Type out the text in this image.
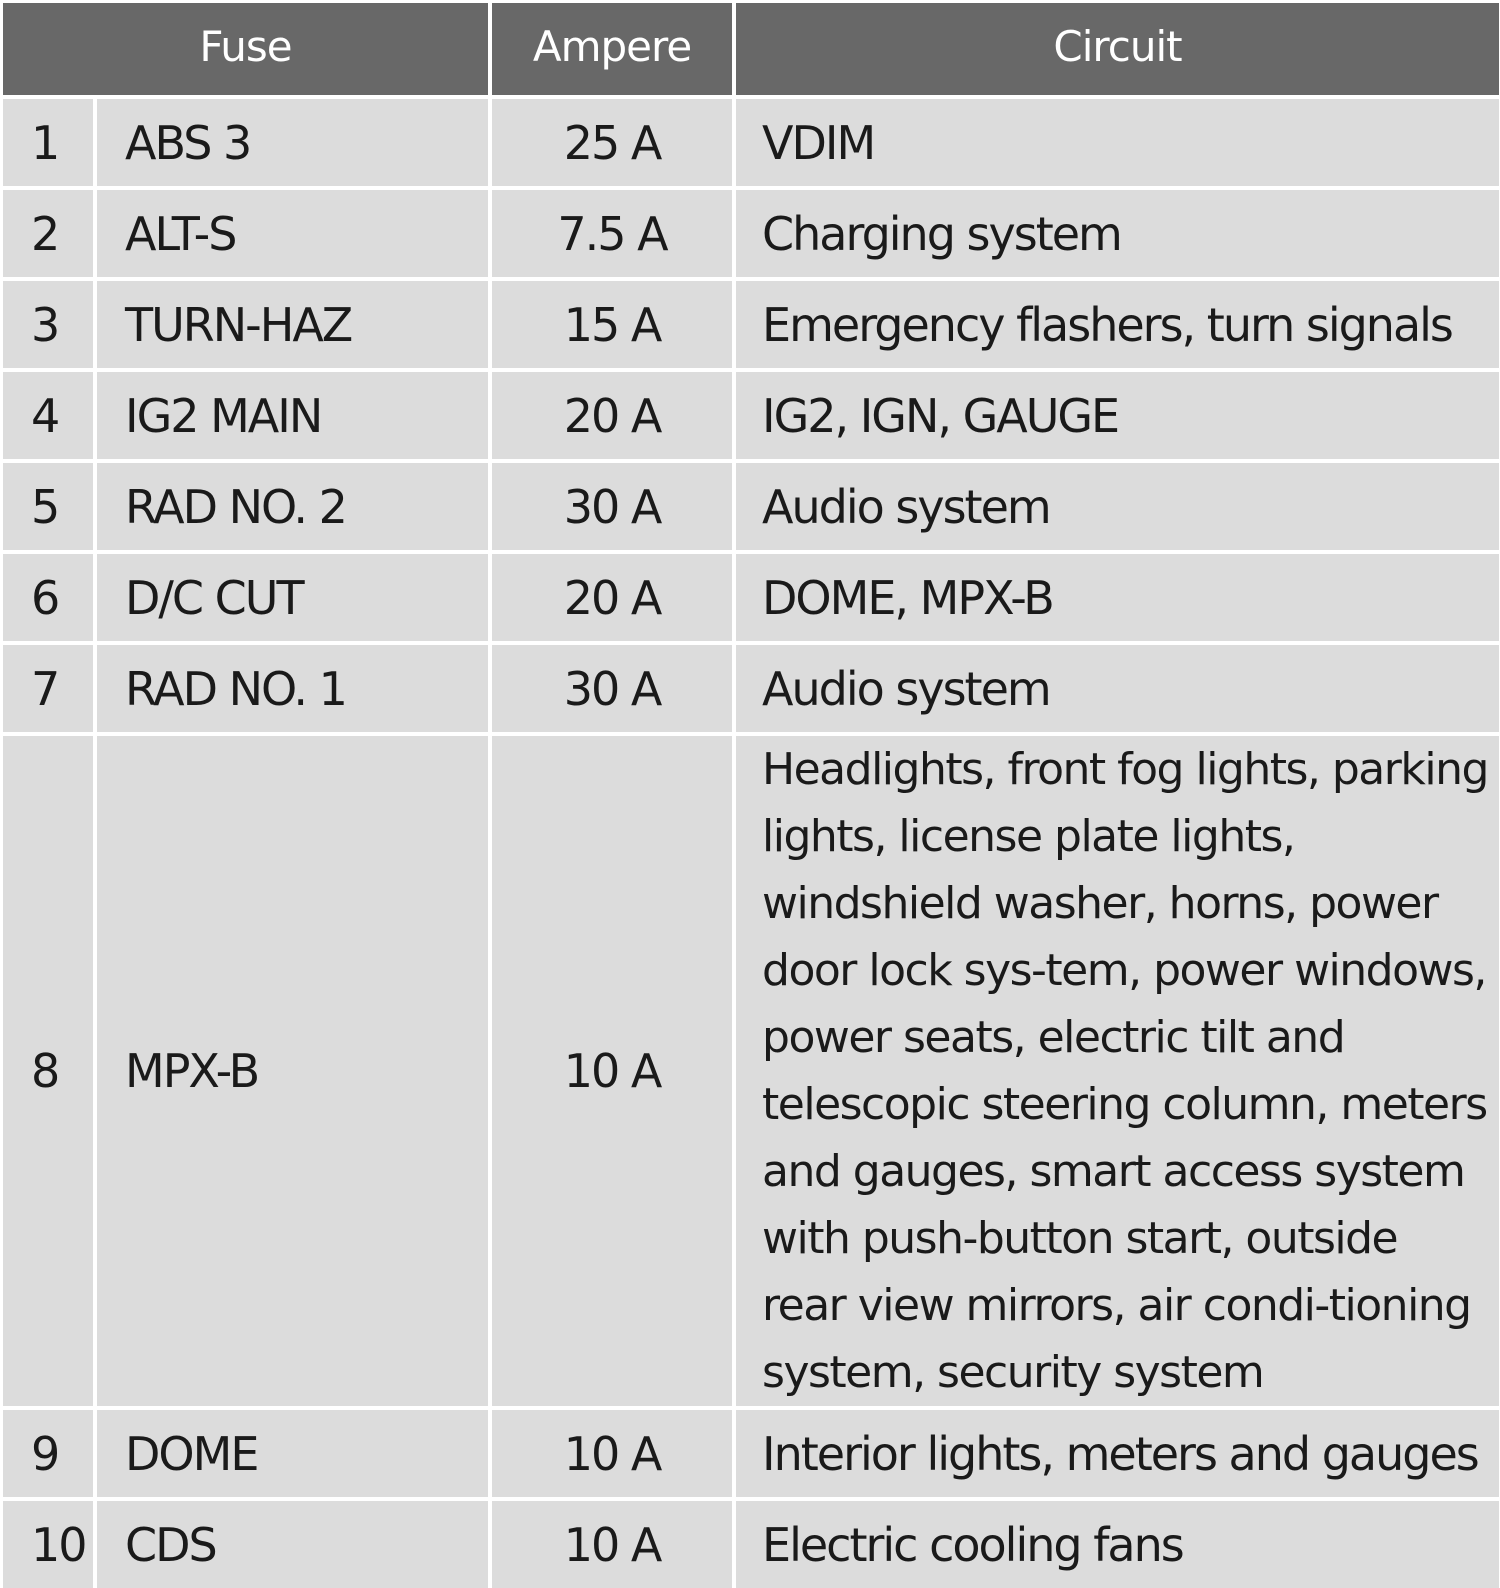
Fuse		Ampere	Circuit
1	ABS 3	25 A	VDIM
2	ALT-S	7.5 A	Charging system
3	TURN-HAZ	15 A	Emergency flashers, turn signals
4	IG2 MAIN	20 A	IG2, IGN, GAUGE
5	RAD NO. 2	30 A	Audio system
6	D/C CUT	20 A	DOME, MPX-B
7	RAD NO. 1	30 A	Audio system
8	MPX-B	10 A	Headlights, front fog lights, parking lights, license plate lights, windshield washer, horns, power door lock sys-tem, power windows, power seats, electric tilt and telescopic steering column, meters and gauges, smart access system with push-button start, outside rear view mirrors, air condi-tioning system, security system
9	DOME	10 A	Interior lights, meters and gauges
10	CDS	10 A	Electric cooling fans
